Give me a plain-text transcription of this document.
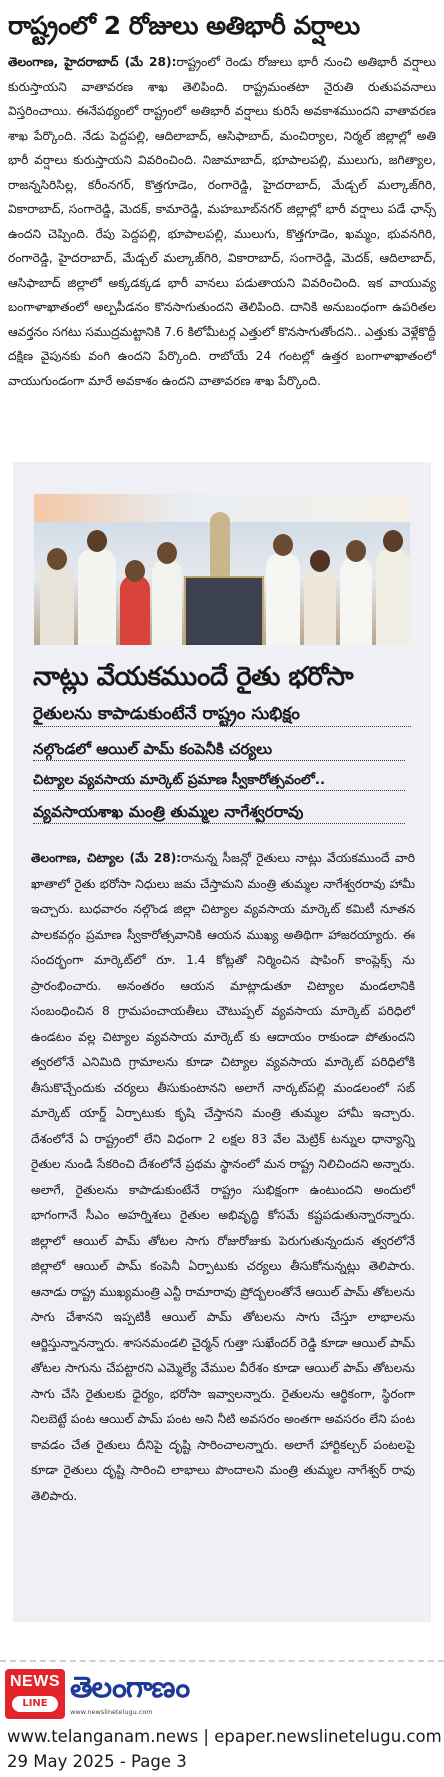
రాష్ట్రంలో 2 రోజులు అతిభారీ వర్షాలు
తెలంగాణ, హైదరాబాద్ (మే 28):రాష్ట్రంలో రెండు రోజులు భారీ నుంచి అతిభారీ వర్షాలు కురుస్తాయని వాతావరణ శాఖ తెలిపింది. రాష్ట్రమంతటా నైరుతి రుతుపవనాలు విస్తరించాయి. ఈనేపథ్యంలో రాష్ట్రంలో అతిభారీ వర్షాలు కురిసే అవకాశముందని వాతావరణ శాఖ పేర్కొంది. నేడు పెద్దపల్లి, ఆదిలాబాద్, ఆసిఫాబాద్, మంచిర్యాల, నిర్మల్ జిల్లాల్లో అతి భారీ వర్షాలు కురుస్తాయని వివరించింది. నిజామాబాద్, భూపాలపల్లి, ములుగు, జగిత్యాల, రాజన్నసిరిసిల్ల, కరీంనగర్, కొత్తగూడెం, రంగారెడ్డి, హైదరాబాద్, మేడ్చల్ మల్కాజ్‌గిరి, వికారాబాద్, సంగారెడ్డి, మెదక్, కామారెడ్డి, మహబూబ్‌నగర్ జిల్లాల్లో భారీ వర్షాలు పడే ఛాన్స్ ఉందని చెప్పింది. రేపు పెద్దపల్లి, భూపాలపల్లి, ములుగు, కొత్తగూడెం, ఖమ్మం, భువనగిరి, రంగారెడ్డి, హైదరాబాద్, మేడ్చల్ మల్కాజ్‌గిరి, వికారాబాద్, సంగారెడ్డి, మెదక్, ఆదిలాబాద్, ఆసిఫాబాద్ జిల్లాలో అక్కడక్కడ భారీ వానలు పడుతాయని వివరించింది. ఇక వాయువ్య బంగాళాఖాతంలో అల్పపీడనం కొనసాగుతుందని తెలిపింది. దానికి అనుబంధంగా ఉపరితల ఆవర్తనం సగటు సముద్రమట్టానికి 7.6 కిలోమీటర్ల ఎత్తులో కొనసాగుతోందని.. ఎత్తుకు వెళ్లేకొద్దీ దక్షిణ వైపునకు వంగి ఉందని పేర్కొంది. రాబోయే 24 గంటల్లో ఉత్తర బంగాళాఖాతంలో వాయుగుండంగా మారే అవకాశం ఉందని వాతావరణ శాఖ పేర్కొంది.
నాట్లు వేయకముందే రైతు భరోసా
రైతులను కాపాడుకుంటేనే రాష్ట్రం సుభిక్షం
నల్గొండలో ఆయిల్ పామ్ కంపెనీకి చర్యలు
చిట్యాల వ్యవసాయ మార్కెట్ ప్రమాణ స్వీకారోత్సవంలో..
వ్యవసాయశాఖ మంత్రి తుమ్మల నాగేశ్వరరావు
తెలంగాణ, చిట్యాల (మే 28):రానున్న సీజన్లో రైతులు నాట్లు వేయకముందే వారి ఖాతాలో రైతు భరోసా నిధులు జమ చేస్తామని మంత్రి తుమ్మల నాగేశ్వరరావు హామీ ఇచ్చారు. బుధవారం నల్గొండ జిల్లా చిట్యాల వ్యవసాయ మార్కెట్ కమిటీ నూతన పాలకవర్గం ప్రమాణ స్వీకారోత్సవానికి ఆయన ముఖ్య అతిథిగా హాజరయ్యారు. ఈ సందర్భంగా మార్కెట్‌లో రూ. 1.4 కోట్లతో నిర్మించిన షాపింగ్ కాంప్లెక్స్ ను ప్రారంభించారు. అనంతరం ఆయన మాట్లాడుతూ చిట్యాల మండలానికి సంబంధించిన 8 గ్రామపంచాయతీలు చౌటుప్పల్ వ్యవసాయ మార్కెట్ పరిధిలో ఉండటం వల్ల చిట్యాల వ్యవసాయ మార్కెట్ కు ఆదాయం రాకుండా పోతుందని త్వరలోనే ఎనిమిది గ్రామాలను కూడా చిట్యాల వ్యవసాయ మార్కెట్ పరిధిలోకి తీసుకొచ్చేందుకు చర్యలు తీసుకుంటానని అలాగే నార్కట్‌పల్లి మండలంలో సబ్ మార్కెట్ యార్డ్ ఏర్పాటుకు కృషి చేస్తానని మంత్రి తుమ్మల హామీ ఇచ్చారు. దేశంలోనే ఏ రాష్ట్రంలో లేని విధంగా 2 లక్షల 83 వేల మెట్రిక్ టన్నుల ధాన్యాన్ని రైతుల నుండి సేకరించి దేశంలోనే ప్రథమ స్థానంలో మన రాష్ట్ర నిలిచిందని అన్నారు. అలాగే, రైతులను కాపాడుకుంటేనే రాష్ట్రం సుభిక్షంగా ఉంటుందని అందులో భాగంగానే సీఎం అహర్నిశలు రైతుల అభివృద్ధి కోసమే కష్టపడుతున్నారన్నారు. జిల్లాలో ఆయిల్ పామ్ తోటల సాగు రోజురోజుకు పెరుగుతున్నందున త్వరలోనే జిల్లాలో ఆయిల్ పామ్ కంపెనీ ఏర్పాటుకు చర్యలు తీసుకోనున్నట్లు తెలిపారు. ఆనాడు రాష్ట్ర ముఖ్యమంత్రి ఎన్టీ రామారావు ప్రోద్బలంతోనే ఆయిల్ పామ్ తోటలను సాగు చేశానని ఇప్పటికీ ఆయిల్ పామ్ తోటలను సాగు చేస్తూ లాభాలను ఆర్జిస్తున్నానన్నారు. శాసనమండలి చైర్మన్ గుత్తా సుఖేందర్ రెడ్డి కూడా ఆయిల్ పామ్ తోటల సాగును చేపట్టారని ఎమ్మెల్యే వేముల వీరేశం కూడా ఆయిల్ పామ్ తోటలను సాగు చేసి రైతులకు ధైర్యం, భరోసా ఇవ్వాలన్నారు. రైతులను ఆర్థికంగా, స్థిరంగా నిలబెట్టే పంట ఆయిల్ పామ్ పంట అని నీటి అవసరం అంతగా అవసరం లేని పంట కావడం చేత రైతులు దీనిపై దృష్టి సారించాలన్నారు. అలాగే హార్టికల్చర్ పంటలపై కూడా రైతులు దృష్టి సారించి లాభాలు పొందాలని మంత్రి తుమ్మల నాగేశ్వర్ రావు తెలిపారు.
NEWS
LINE తెలంగాణం
www.newslinetelugu.com
www.telanganam.news | epaper.newslinetelugu.com
29 May 2025 - Page 3
